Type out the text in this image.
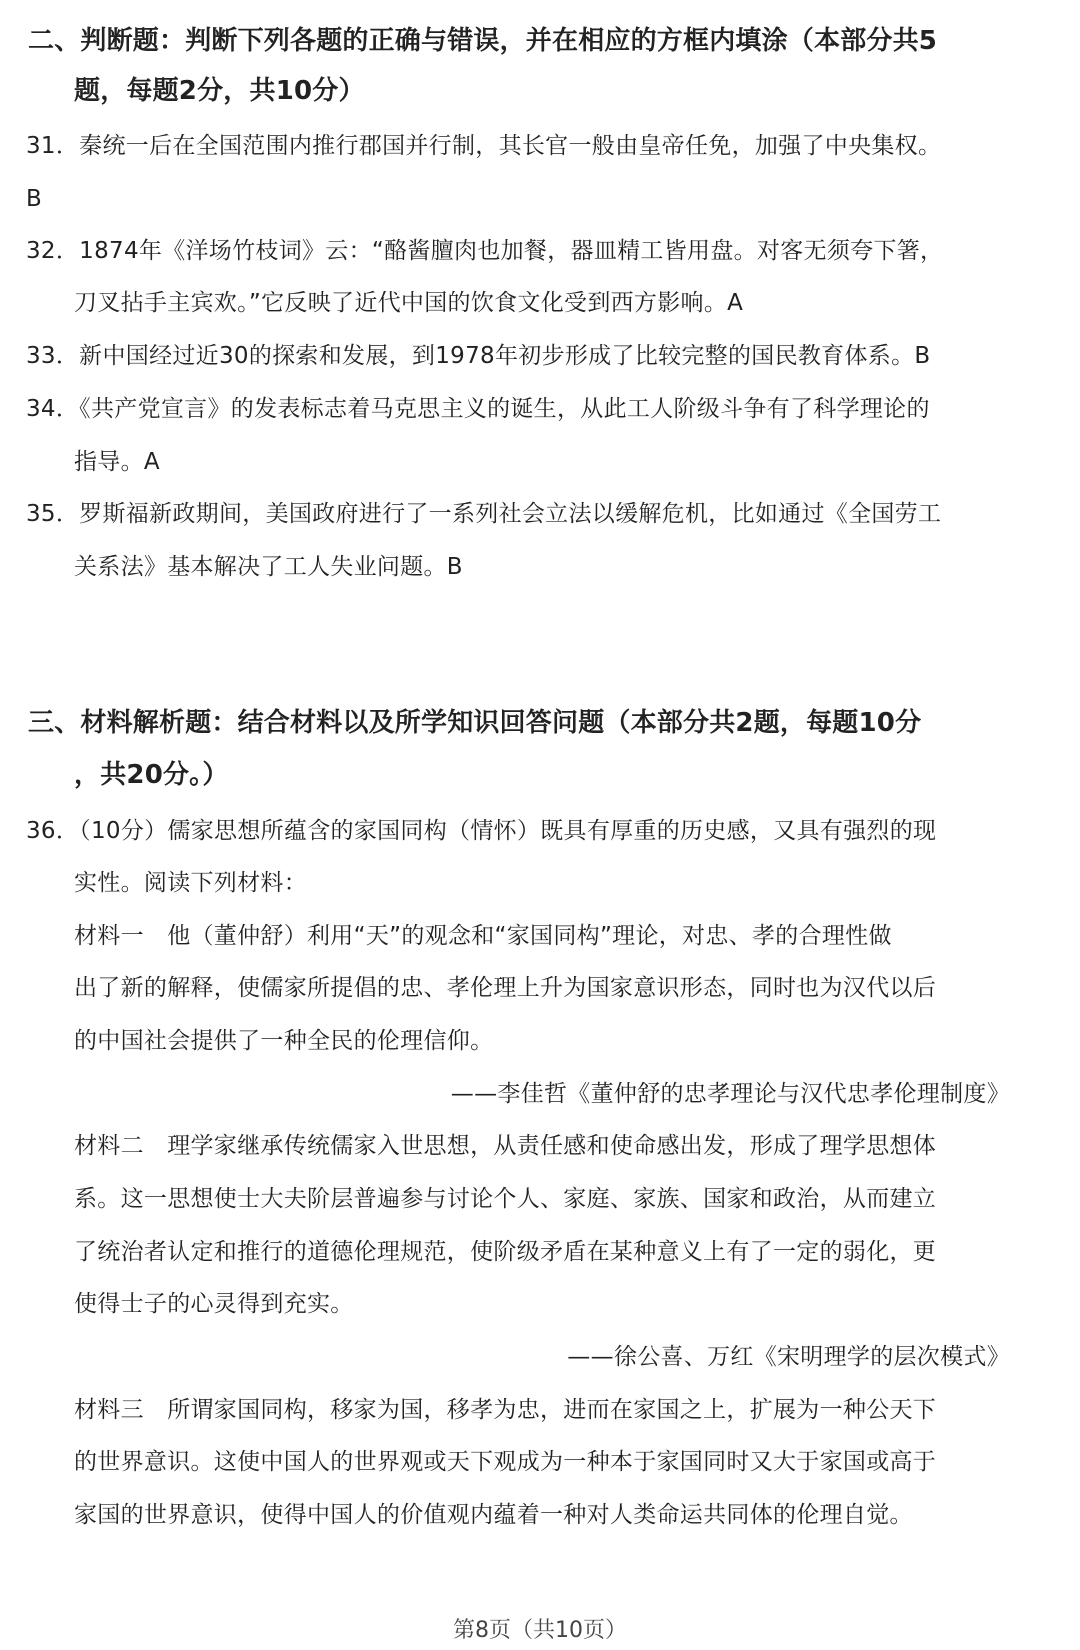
二、判断题：判断下列各题的正确与错误，并在相应的方框内填涂（本部分共5
题，每题2分，共10分）
31．秦统一后在全国范围内推行郡国并行制，其长官一般由皇帝任免，加强了中央集权。
B
32．1874年《洋场竹枝词》云：“酪酱膻肉也加餐，器皿精工皆用盘。对客无须夸下箸，
刀叉拈手主宾欢。”它反映了近代中国的饮食文化受到西方影响。A
33．新中国经过近30的探索和发展，到1978年初步形成了比较完整的国民教育体系。B
34．《共产党宣言》的发表标志着马克思主义的诞生，从此工人阶级斗争有了科学理论的
指导。A
35．罗斯福新政期间，美国政府进行了一系列社会立法以缓解危机，比如通过《全国劳工
关系法》基本解决了工人失业问题。B
三、材料解析题：结合材料以及所学知识回答问题（本部分共2题，每题10分
，共20分。）
36．（10分）儒家思想所蕴含的家国同构（情怀）既具有厚重的历史感，又具有强烈的现
实性。阅读下列材料：
材料一　他（董仲舒）利用“天”的观念和“家国同构”理论，对忠、孝的合理性做
出了新的解释，使儒家所提倡的忠、孝伦理上升为国家意识形态，同时也为汉代以后
的中国社会提供了一种全民的伦理信仰。
——李佳哲《董仲舒的忠孝理论与汉代忠孝伦理制度》
材料二　理学家继承传统儒家入世思想，从责任感和使命感出发，形成了理学思想体
系。这一思想使士大夫阶层普遍参与讨论个人、家庭、家族、国家和政治，从而建立
了统治者认定和推行的道德伦理规范，使阶级矛盾在某种意义上有了一定的弱化，更
使得士子的心灵得到充实。
——徐公喜、万红《宋明理学的层次模式》
材料三　所谓家国同构，移家为国，移孝为忠，进而在家国之上，扩展为一种公天下
的世界意识。这使中国人的世界观或天下观成为一种本于家国同时又大于家国或高于
家国的世界意识，使得中国人的价值观内蕴着一种对人类命运共同体的伦理自觉。
第8页（共10页）
